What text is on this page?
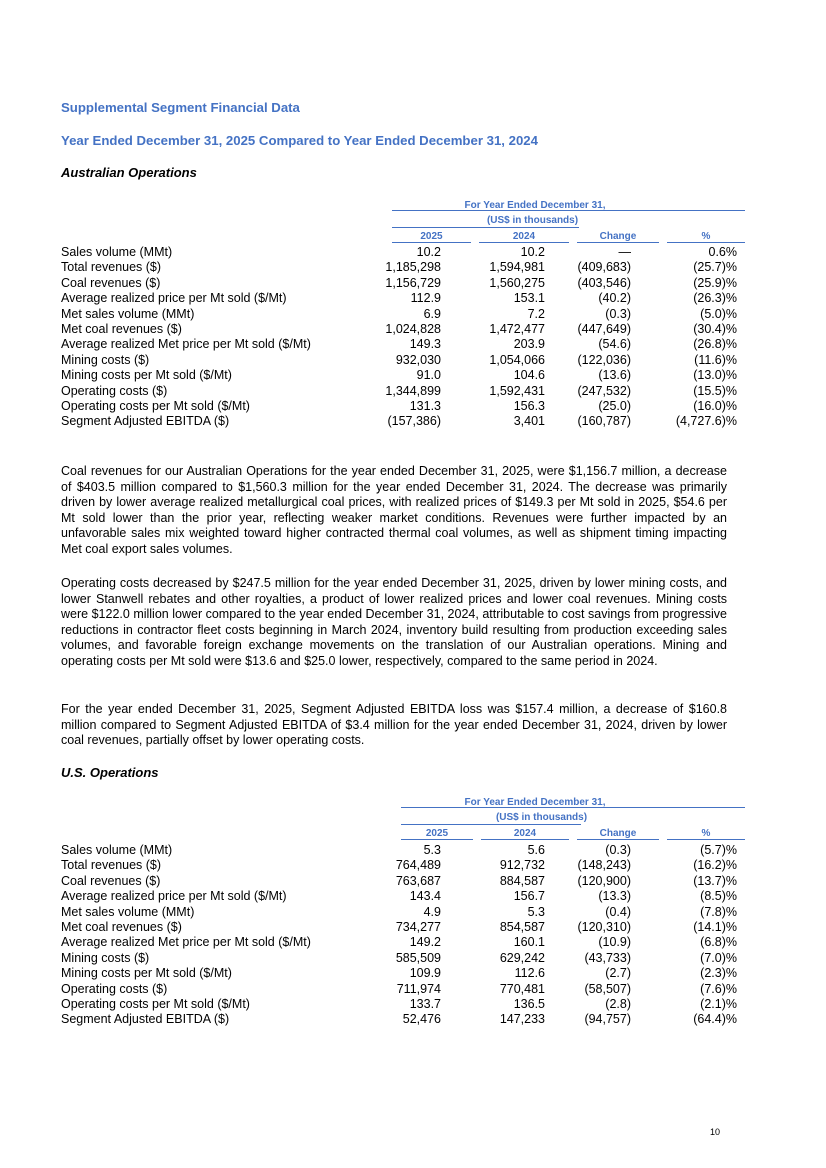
Supplemental Segment Financial Data
Year Ended December 31, 2025 Compared to Year Ended December 31, 2024
Australian Operations
For Year Ended December 31,
(US$ in thousands)
2025	2024	Change	%
Sales volume (MMt)	10.2	10.2	—	0.6%
Total revenues ($)	1,185,298	1,594,981	(409,683)	(25.7)%
Coal revenues ($)	1,156,729	1,560,275	(403,546)	(25.9)%
Average realized price per Mt sold ($/Mt)	112.9	153.1	(40.2)	(26.3)%
Met sales volume (MMt)	6.9	7.2	(0.3)	(5.0)%
Met coal revenues ($)	1,024,828	1,472,477	(447,649)	(30.4)%
Average realized Met price per Mt sold ($/Mt)	149.3	203.9	(54.6)	(26.8)%
Mining costs ($)	932,030	1,054,066	(122,036)	(11.6)%
Mining costs per Mt sold ($/Mt)	91.0	104.6	(13.6)	(13.0)%
Operating costs ($)	1,344,899	1,592,431	(247,532)	(15.5)%
Operating costs per Mt sold ($/Mt)	131.3	156.3	(25.0)	(16.0)%
Segment Adjusted EBITDA ($)	(157,386)	3,401	(160,787)	(4,727.6)%

Coal revenues for our Australian Operations for the year ended December 31, 2025, were $1,156.7 million, a decrease of $403.5 million compared to $1,560.3 million for the year ended December 31, 2024. The decrease was primarily driven by lower average realized metallurgical coal prices, with realized prices of $149.3 per Mt sold in 2025, $54.6 per Mt sold lower than the prior year, reflecting weaker market conditions. Revenues were further impacted by an unfavorable sales mix weighted toward higher contracted thermal coal volumes, as well as shipment timing impacting Met coal export sales volumes.

Operating costs decreased by $247.5 million for the year ended December 31, 2025, driven by lower mining costs, and lower Stanwell rebates and other royalties, a product of lower realized prices and lower coal revenues. Mining costs were $122.0 million lower compared to the year ended December 31, 2024, attributable to cost savings from progressive reductions in contractor fleet costs beginning in March 2024, inventory build resulting from production exceeding sales volumes, and favorable foreign exchange movements on the translation of our Australian operations. Mining and operating costs per Mt sold were $13.6 and $25.0 lower, respectively, compared to the same period in 2024.

For the year ended December 31, 2025, Segment Adjusted EBITDA loss was $157.4 million, a decrease of $160.8 million compared to Segment Adjusted EBITDA of $3.4 million for the year ended December 31, 2024, driven by lower coal revenues, partially offset by lower operating costs.

U.S. Operations
For Year Ended December 31,
(US$ in thousands)
2025	2024	Change	%
Sales volume (MMt)	5.3	5.6	(0.3)	(5.7)%
Total revenues ($)	764,489	912,732	(148,243)	(16.2)%
Coal revenues ($)	763,687	884,587	(120,900)	(13.7)%
Average realized price per Mt sold ($/Mt)	143.4	156.7	(13.3)	(8.5)%
Met sales volume (MMt)	4.9	5.3	(0.4)	(7.8)%
Met coal revenues ($)	734,277	854,587	(120,310)	(14.1)%
Average realized Met price per Mt sold ($/Mt)	149.2	160.1	(10.9)	(6.8)%
Mining costs ($)	585,509	629,242	(43,733)	(7.0)%
Mining costs per Mt sold ($/Mt)	109.9	112.6	(2.7)	(2.3)%
Operating costs ($)	711,974	770,481	(58,507)	(7.6)%
Operating costs per Mt sold ($/Mt)	133.7	136.5	(2.8)	(2.1)%
Segment Adjusted EBITDA ($)	52,476	147,233	(94,757)	(64.4)%
10
